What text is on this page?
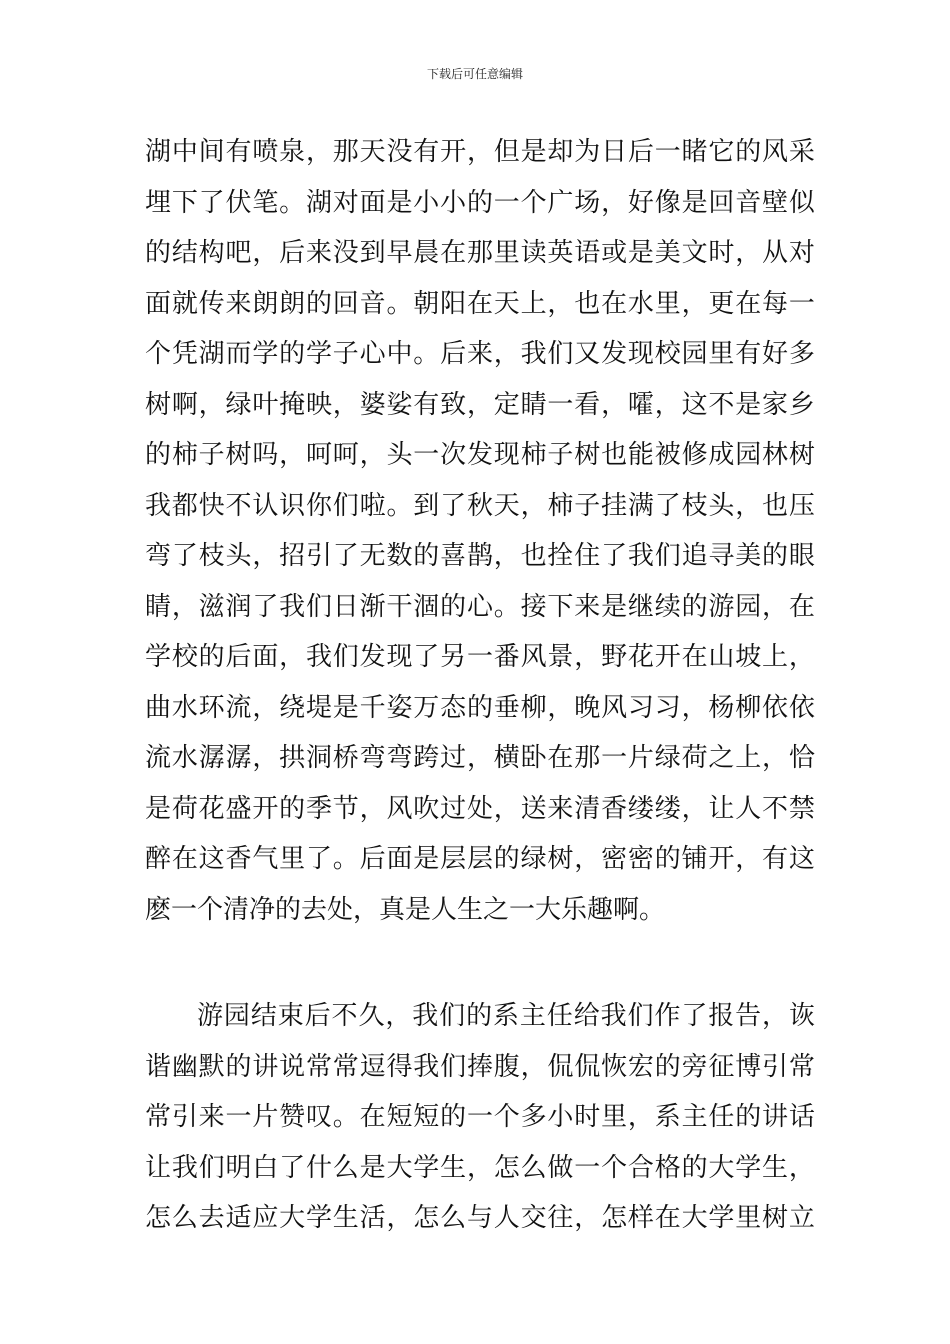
下载后可任意编辑
湖 中 间 有 喷 泉 ， 那 天 没 有 开 ， 但 是 却 为 日 后 一 睹 它 的 风 采
埋 下 了 伏 笔 。 湖 对 面 是 小 小 的 一 个 广 场 ， 好 像 是 回 音 壁 似
的 结 构 吧 ， 后 来 没 到 早 晨 在 那 里 读 英 语 或 是 美 文 时 ， 从 对
面 就 传 来 朗 朗 的 回 音 。 朝 阳 在 天 上 ， 也 在 水 里 ， 更 在 每 一
个 凭 湖 而 学 的 学 子 心 中 。 后 来 ， 我 们 又 发 现 校 园 里 有 好 多
树 啊 ， 绿 叶 掩 映 ， 婆 娑 有 致 ， 定 睛 一 看 ， 嚯 ， 这 不 是 家 乡
的 柿 子 树 吗 ， 呵 呵 ， 头 一 次 发 现 柿 子 树 也 能 被 修 成 园 林 树
我 都 快 不 认 识 你 们 啦 。 到 了 秋 天 ， 柿 子 挂 满 了 枝 头 ， 也 压
弯 了 枝 头 ， 招 引 了 无 数 的 喜 鹊 ， 也 拴 住 了 我 们 追 寻 美 的 眼
睛 ， 滋 润 了 我 们 日 渐 干 涸 的 心 。 接 下 来 是 继 续 的 游 园 ， 在
学 校 的 后 面 ， 我 们 发 现 了 另 一 番 风 景 ， 野 花 开 在 山 坡 上 ，
曲 水 环 流 ， 绕 堤 是 千 姿 万 态 的 垂 柳 ， 晚 风 习 习 ， 杨 柳 依 依
流 水 潺 潺 ， 拱 洞 桥 弯 弯 跨 过 ， 横 卧 在 那 一 片 绿 荷 之 上 ， 恰
是 荷 花 盛 开 的 季 节 ， 风 吹 过 处 ， 送 来 清 香 缕 缕 ， 让 人 不 禁
醉 在 这 香 气 里 了 。 后 面 是 层 层 的 绿 树 ， 密 密 的 铺 开 ， 有 这
麽一个清净的去处，真是人生之一大乐趣啊。
游 园 结 束 后 不 久 ， 我 们 的 系 主 任 给 我 们 作 了 报 告 ， 诙
谐 幽 默 的 讲 说 常 常 逗 得 我 们 捧 腹 ， 侃 侃 恢 宏 的 旁 征 博 引 常
常 引 来 一 片 赞 叹 。 在 短 短 的 一 个 多 小 时 里 ， 系 主 任 的 讲 话
让 我 们 明 白 了 什 么 是 大 学 生 ， 怎 么 做 一 个 合 格 的 大 学 生 ，
怎 么 去 适 应 大 学 生 活 ， 怎 么 与 人 交 往 ， 怎 样 在 大 学 里 树 立
